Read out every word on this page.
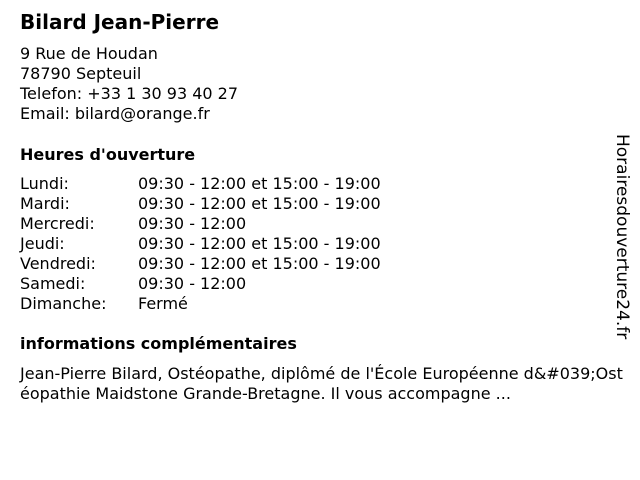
Bilard Jean-Pierre
9 Rue de Houdan
78790 Septeuil
Telefon: +33 1 30 93 40 27
Email: bilard@orange.fr
Heures d'ouverture
Lundi:	09:30 - 12:00 et 15:00 - 19:00
Mardi:	09:30 - 12:00 et 15:00 - 19:00
Mercredi:	09:30 - 12:00
Jeudi:	09:30 - 12:00 et 15:00 - 19:00
Vendredi:	09:30 - 12:00 et 15:00 - 19:00
Samedi:	09:30 - 12:00
Dimanche: Fermé
informations complémentaires
Jean-Pierre Bilard, Ostéopathe, diplômé de l'École Européenne d&#039;Ostéopathie Maidstone Grande-Bretagne. Il vous accompagne ...
Horairesdouverture24.fr
